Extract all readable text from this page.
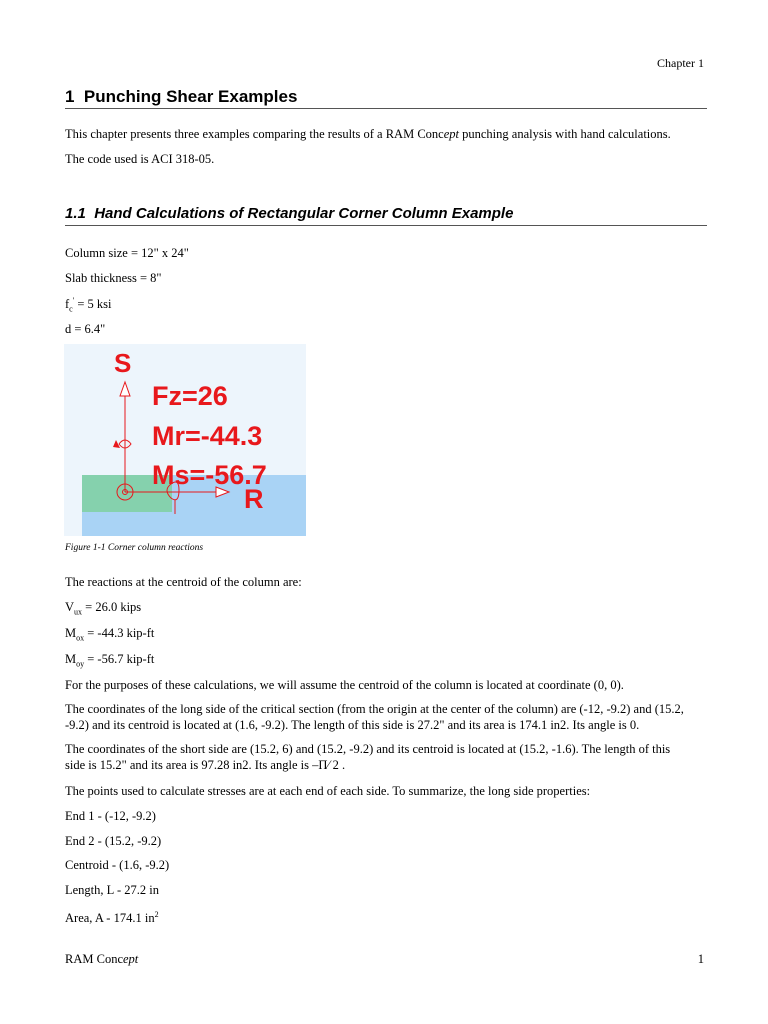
Chapter 1
1 Punching Shear Examples
This chapter presents three examples comparing the results of a RAM Concept punching analysis with hand calculations.
The code used is ACI 318-05.
1.1 Hand Calculations of Rectangular Corner Column Example
Column size = 12" x 24"
Slab thickness = 8"
$f_c' = 5$ ksi
d = 6.4"
S
Fz=26
Mr=-44.3
Ms=-56.7
R
Figure 1-1 Corner column reactions
The reactions at the centroid of the column are:
$V_{ux} = 26.0$ kips
$M_{ox} = -44.3$ kip-ft
$M_{oy} = -56.7$ kip-ft
For the purposes of these calculations, we will assume the centroid of the column is located at coordinate (0, 0).
The coordinates of the long side of the critical section (from the origin at the center of the column) are (-12, -9.2) and (15.2,
-9.2) and its centroid is located at (1.6, -9.2). The length of this side is 27.2" and its area is 174.1 in2. Its angle is 0.
The coordinates of the short side are (15.2, 6) and (15.2, -9.2) and its centroid is located at (15.2, -1.6). The length of this
side is 15.2" and its area is 97.28 in2. Its angle is –Π⁄ 2 .
The points used to calculate stresses are at each end of each side. To summarize, the long side properties:
End 1 - (-12, -9.2)
End 2 - (15.2, -9.2)
Centroid - (1.6, -9.2)
Length, L - 27.2 in
Area, A - 174.1 $in^2$
RAM Concept	1
